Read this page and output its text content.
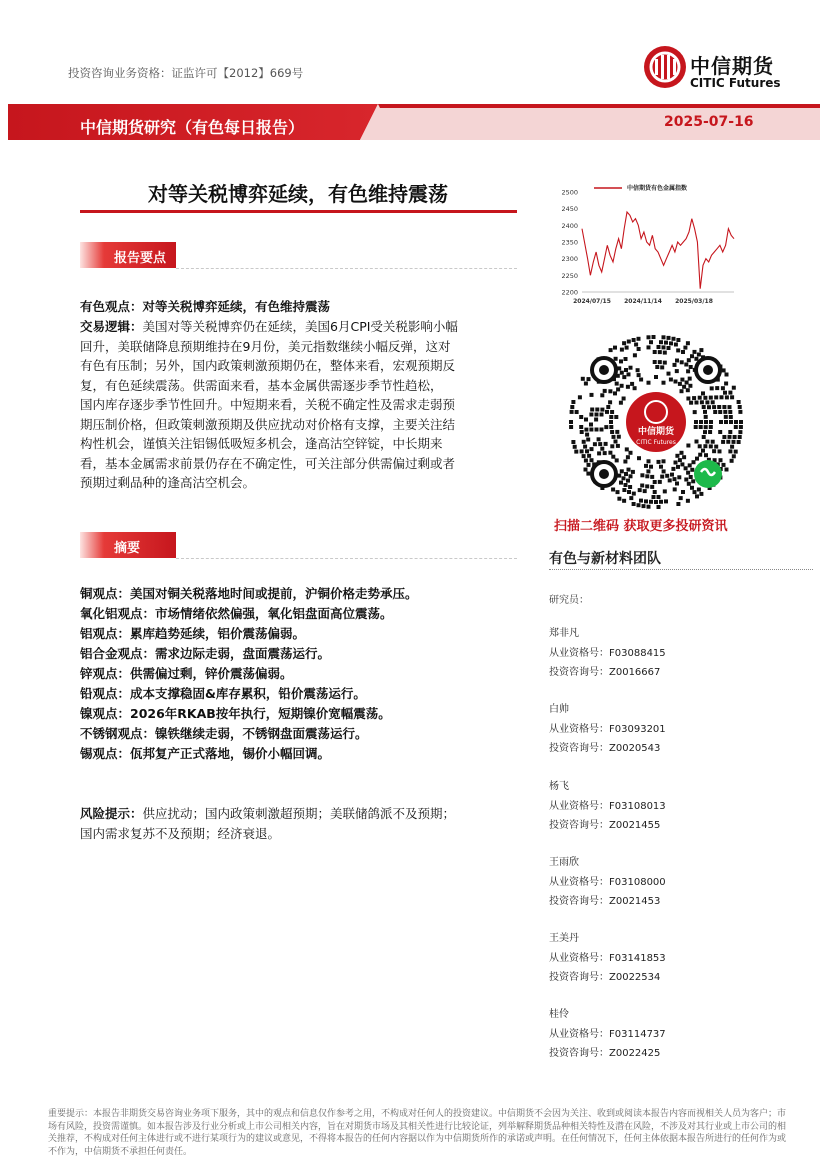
投资咨询业务资格：证监许可【2012】669号	中信期货
CITIC Futures
中信期货研究（有色每日报告）	2025-07-16
对等关税博弈延续，有色维持震荡
报告要点
有色观点：对等关税博弈延续，有色维持震荡
交易逻辑：美国对等关税博弈仍在延续，美国6月CPI受关税影响小幅
回升，美联储降息预期维持在9月份，美元指数继续小幅反弹，这对
有色有压制；另外，国内政策刺激预期仍在，整体来看，宏观预期反
复，有色延续震荡。供需面来看，基本金属供需逐步季节性趋松，
国内库存逐步季节性回升。中短期来看，关税不确定性及需求走弱预
期压制价格，但政策刺激预期及供应扰动对价格有支撑，主要关注结
构性机会，谨慎关注铝锡低吸短多机会，逢高沽空锌锭，中长期来
看，基本金属需求前景仍存在不确定性，可关注部分供需偏过剩或者
预期过剩品种的逢高沽空机会。
摘要
铜观点：美国对铜关税落地时间或提前，沪铜价格走势承压。
氧化铝观点：市场情绪依然偏强，氧化铝盘面高位震荡。
铝观点：累库趋势延续，铝价震荡偏弱。
铝合金观点：需求边际走弱，盘面震荡运行。
锌观点：供需偏过剩，锌价震荡偏弱。
铅观点：成本支撑稳固&库存累积，铅价震荡运行。
镍观点：2026年RKAB按年执行，短期镍价宽幅震荡。
不锈钢观点：镍铁继续走弱，不锈钢盘面震荡运行。
锡观点：佤邦复产正式落地，锡价小幅回调。
风险提示：供应扰动；国内政策刺激超预期；美联储鸽派不及预期；
国内需求复苏不及预期；经济衰退。
2200
2250
2300
2350
2400
2450
2500
2024/07/15 2024/11/14 2025/03/18
中信期货有色金属指数
中信期货
CITIC Futures
扫描二维码 获取更多投研资讯
有色与新材料团队
研究员：
郑非凡
从业资格号：F03088415
投资咨询号：Z0016667
白帅
从业资格号：F03093201
投资咨询号：Z0020543
杨飞
从业资格号：F03108013
投资咨询号：Z0021455
王雨欣
从业资格号：F03108000
投资咨询号：Z0021453
王美丹
从业资格号：F03141853
投资咨询号：Z0022534
桂伶
从业资格号：F03114737
投资咨询号：Z0022425
重要提示：本报告非期货交易咨询业务项下服务，其中的观点和信息仅作参考之用，不构成对任何人的投资建议。中信期货不会因为关注、收到或阅读本报告内容而视相关人员为客户；市场有风险，投资需谨慎。如本报告涉及行业分析或上市公司相关内容，旨在对期货市场及其相关性进行比较论证，列举解释期货品种相关特性及潜在风险，不涉及对其行业或上市公司的相关推荐，不构成对任何主体进行或不进行某项行为的建议或意见，不得将本报告的任何内容据以作为中信期货所作的承诺或声明。在任何情况下，任何主体依据本报告所进行的任何作为或不作为，中信期货不承担任何责任。
